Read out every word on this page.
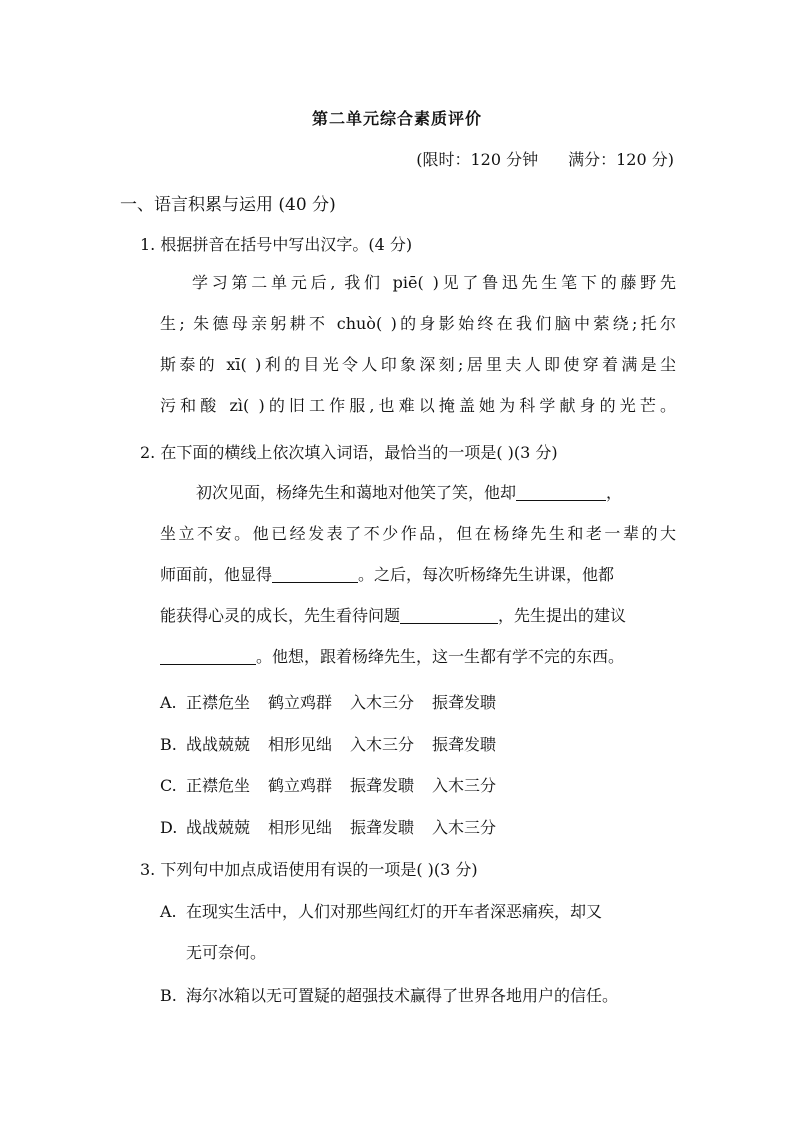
第二单元综合素质评价
(限时：120 分钟 满分：120 分)
一、语言积累与运用 (40 分)
1. 根据拼音在括号中写出汉字。(4 分)
学习第二单元后, 我们 piē( )见了鲁迅先生笔下的藤野先
生; 朱德母亲躬耕不 chuò( )的身影始终在我们脑中萦绕;托尔
斯泰的 xī( )利的目光令人印象深刻;居里夫人即使穿着满是尘
污和酸 zì( )的旧工作服,也难以掩盖她为科学献身的光芒。
2. 在下面的横线上依次填入词语，最恰当的一项是( )(3 分)
初次见面，杨绛先生和蔼地对他笑了笑，他却	，
坐立不安。他已经发表了不少作品，但在杨绛先生和老一辈的大
师面前，他显得	。之后，每次听杨绛先生讲课，他都
能获得心灵的成长，先生看待问题	，先生提出的建议
。他想，跟着杨绛先生，这一生都有学不完的东西。
A. 正襟危坐 鹤立鸡群 入木三分 振聋发聩
B. 战战兢兢 相形见绌 入木三分 振聋发聩
C. 正襟危坐 鹤立鸡群 振聋发聩 入木三分
D. 战战兢兢 相形见绌 振聋发聩 入木三分
3. 下列句中加点成语使用有误的一项是( )(3 分)
A. 在现实生活中，人们对那些闯红灯的开车者深恶痛疾，却又
无可奈何。
B. 海尔冰箱以无可置疑的超强技术赢得了世界各地用户的信任。
